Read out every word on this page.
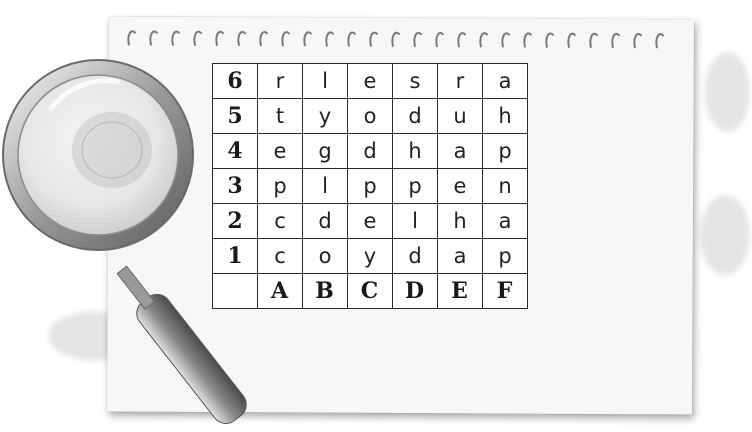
6	r	l	e	s	r	a
5	t	y	o	d	u	h
4	e	g	d	h	a	p
3	p	l	p	p	e	n
2	c	d	e	l	h	a
1	c	o	y	d	a	p
	A	B	C	D	E	F
